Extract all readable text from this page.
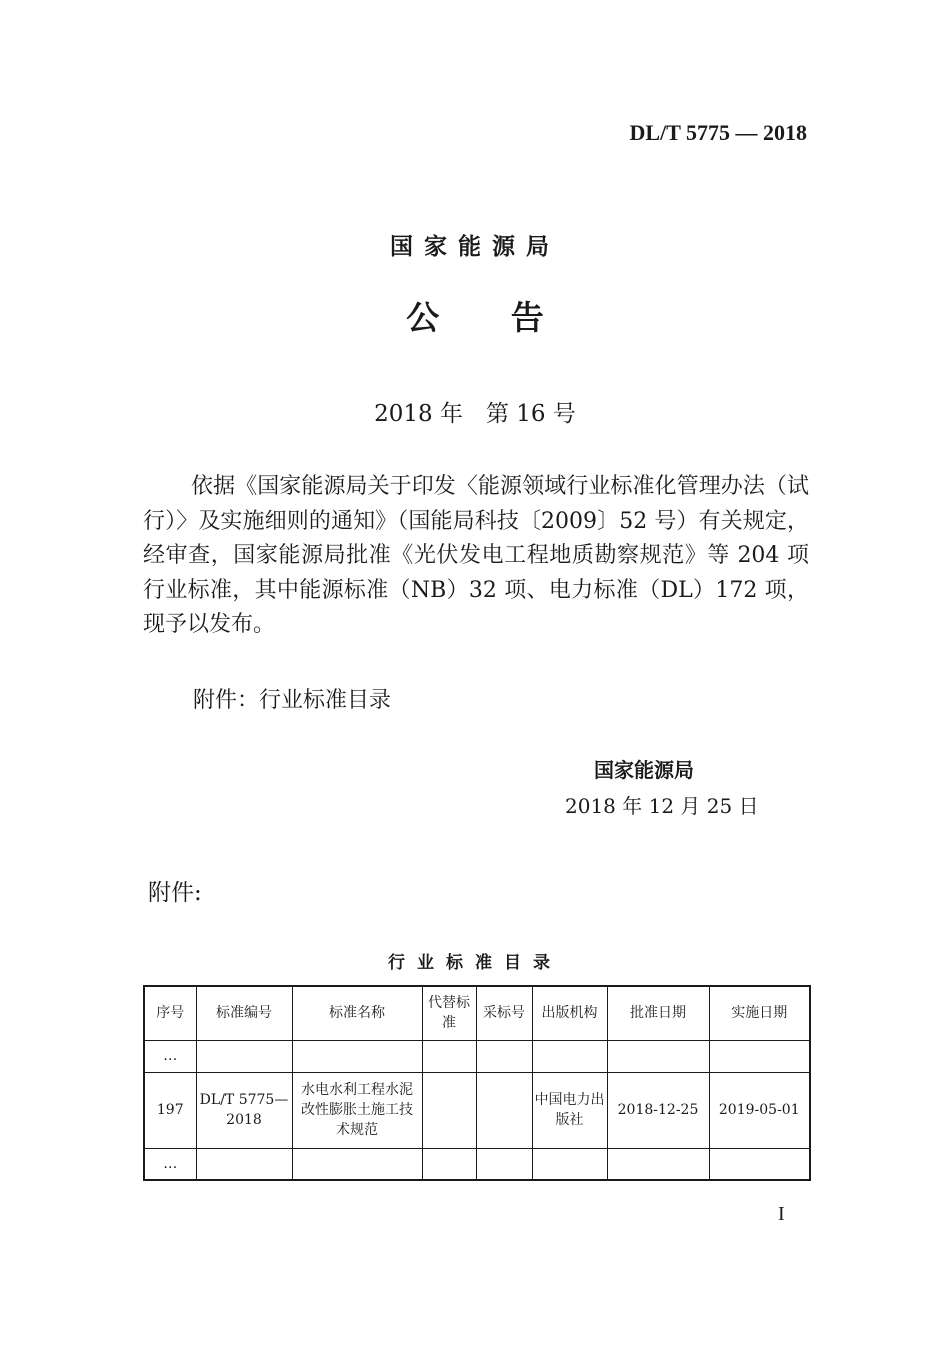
DL/T 5775 — 2018
国家能源局
公 告
2018 年　第 16 号

依据《国家能源局关于印发〈能源领域行业标准化管理办法（试行）〉及实施细则的通知》（国能局科技〔2009〕52 号）有关规定，经审查，国家能源局批准《光伏发电工程地质勘察规范》等 204 项行业标准，其中能源标准（NB）32 项、电力标准（DL）172 项，现予以发布。

附件：行业标准目录
国家能源局
2018 年 12 月 25 日
附件:
行业标准目录
序号	标准编号	标准名称	代替标准	采标号	出版机构	批准日期	实施日期
…							
197	DL/T 5775—2018	水电水利工程水泥改性膨胀土施工技术规范			中国电力出版社	2018-12-25	2019-05-01
…							
I
